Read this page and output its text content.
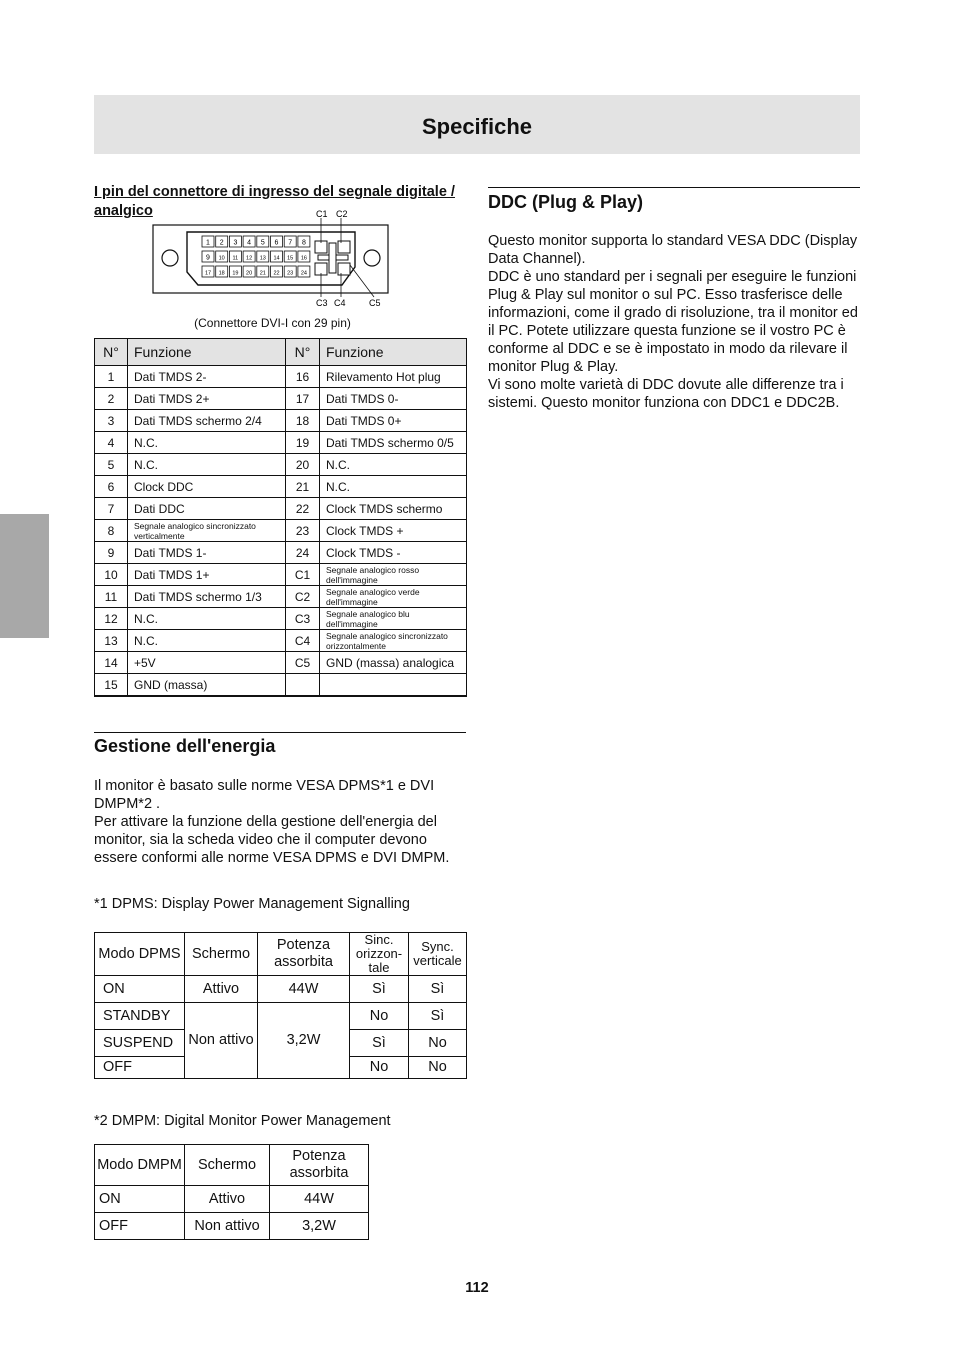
Specifiche
I pin del connettore di ingresso del segnale digitale / analgico
1 2 3 4 5 6 7 8
9 10 11 12 13 14 15 16
17 18 19 20 21 22 23 24
C1 C2
C3 C4	C5
(Connettore DVI-I con 29 pin)
N°	Funzione	N°	Funzione
1	Dati TMDS 2-	16	Rilevamento Hot plug
2	Dati TMDS 2+	17	Dati TMDS 0-
3	Dati TMDS schermo 2/4	18	Dati TMDS 0+
4	N.C.	19	Dati TMDS schermo 0/5
5	N.C.	20	N.C.
6	Clock DDC	21	N.C.
7	Dati DDC	22	Clock TMDS schermo
8	Segnale analogico sincronizzato verticalmente	23	Clock TMDS +
9	Dati TMDS 1-	24	Clock TMDS -
10	Dati TMDS 1+	C1	Segnale analogico rosso dell'immagine
11	Dati TMDS schermo 1/3	C2	Segnale analogico verde dell'immagine
12	N.C.	C3	Segnale analogico blu dell'immagine
13	N.C.	C4	Segnale analogico sincronizzato orizzontalmente
14	+5V	C5	GND (massa) analogica
15	GND (massa)		
Gestione dell'energia

Il monitor è basato sulle norme VESA DPMS*1 e DVI DMPM*2 .

Per attivare la funzione della gestione dell'energia del monitor, sia la scheda video che il computer devono essere conformi alle norme VESA DPMS e DVI DMPM.

*1 DPMS: Display Power Management Signalling
Modo DPMS	Schermo	Potenza assorbita	Sinc. orizzon-tale	Sync. verticale
ON	Attivo	44W	Sì	Sì
STANDBY	Non attivo	3,2W	No	Sì
SUSPEND			Sì	No
OFF			No	No
*2 DMPM: Digital Monitor Power Management
Modo DMPM	Schermo	Potenza assorbita
ON	Attivo	44W
OFF	Non attivo	3,2W
DDC (Plug & Play)

Questo monitor supporta lo standard VESA DDC (Display Data Channel).

DDC è uno standard per i segnali per eseguire le funzioni Plug & Play sul monitor o sul PC. Esso trasferisce delle informazioni, come il grado di risoluzione, tra il monitor ed il PC. Potete utilizzare questa funzione se il vostro PC è conforme al DDC e se è impostato in modo da rilevare il monitor Plug & Play.

Vi sono molte varietà di DDC dovute alle differenze tra i sistemi. Questo monitor funziona con DDC1 e DDC2B.

112
